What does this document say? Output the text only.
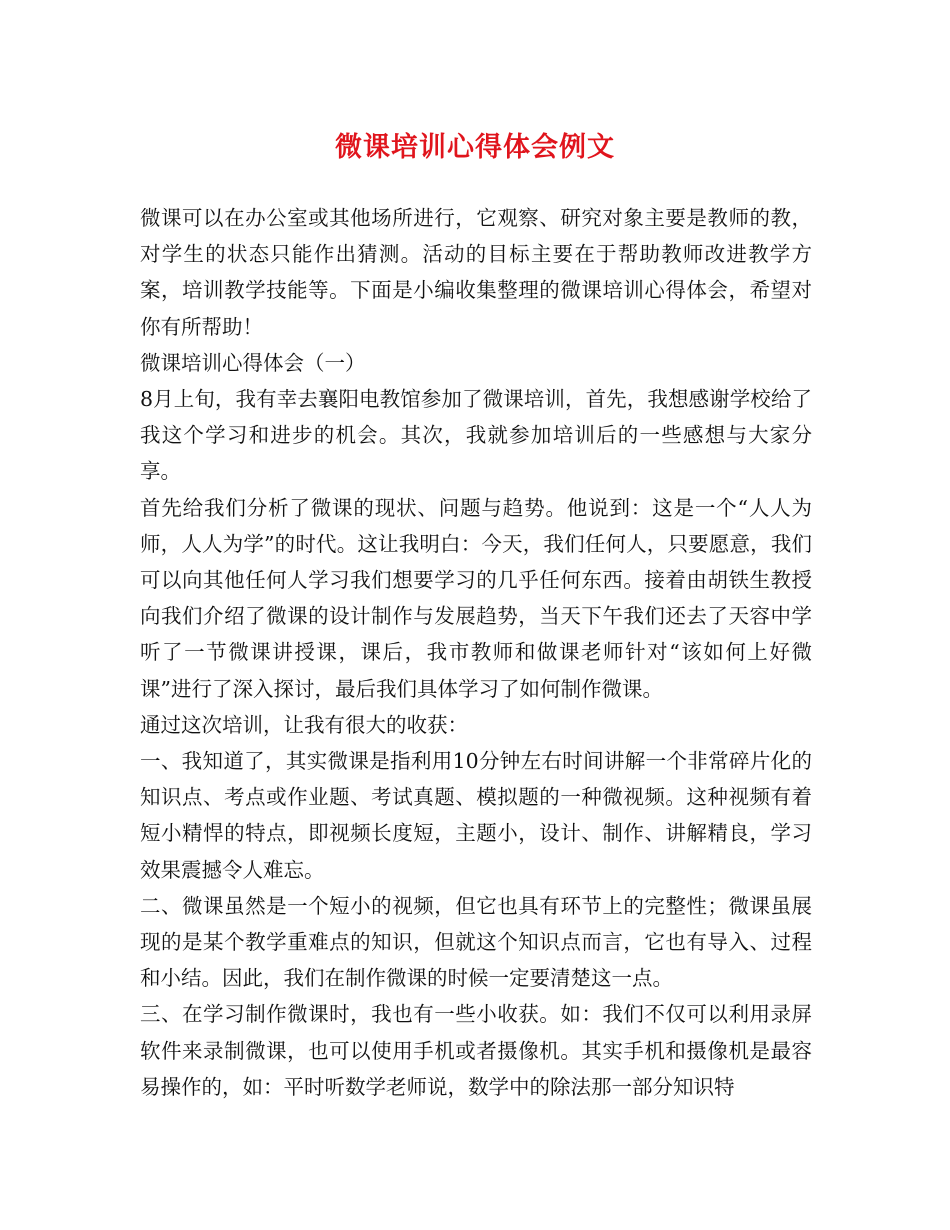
微课培训心得体会例文

微课可以在办公室或其他场所进行，它观察、研究对象主要是教师的教，对学生的状态只能作出猜测。活动的目标主要在于帮助教师改进教学方案，培训教学技能等。下面是小编收集整理的微课培训心得体会，希望对你有所帮助！

微课培训心得体会（一）

8月上旬，我有幸去襄阳电教馆参加了微课培训，首先，我想感谢学校给了我这个学习和进步的机会。其次，我就参加培训后的一些感想与大家分享。

首先给我们分析了微课的现状、问题与趋势。他说到：这是一个“人人为师，人人为学”的时代。这让我明白：今天，我们任何人，只要愿意，我们可以向其他任何人学习我们想要学习的几乎任何东西。接着由胡铁生教授向我们介绍了微课的设计制作与发展趋势，当天下午我们还去了天容中学听了一节微课讲授课，课后，我市教师和做课老师针对“该如何上好微课”进行了深入探讨，最后我们具体学习了如何制作微课。

通过这次培训，让我有很大的收获：

一、我知道了，其实微课是指利用10分钟左右时间讲解一个非常碎片化的知识点、考点或作业题、考试真题、模拟题的一种微视频。这种视频有着短小精悍的特点，即视频长度短，主题小，设计、制作、讲解精良，学习效果震撼令人难忘。

二、微课虽然是一个短小的视频，但它也具有环节上的完整性；微课虽展现的是某个教学重难点的知识，但就这个知识点而言，它也有导入、过程和小结。因此，我们在制作微课的时候一定要清楚这一点。

三、在学习制作微课时，我也有一些小收获。如：我们不仅可以利用录屏软件来录制微课，也可以使用手机或者摄像机。其实手机和摄像机是最容易操作的，如：平时听数学老师说，数学中的除法那一部分知识特
